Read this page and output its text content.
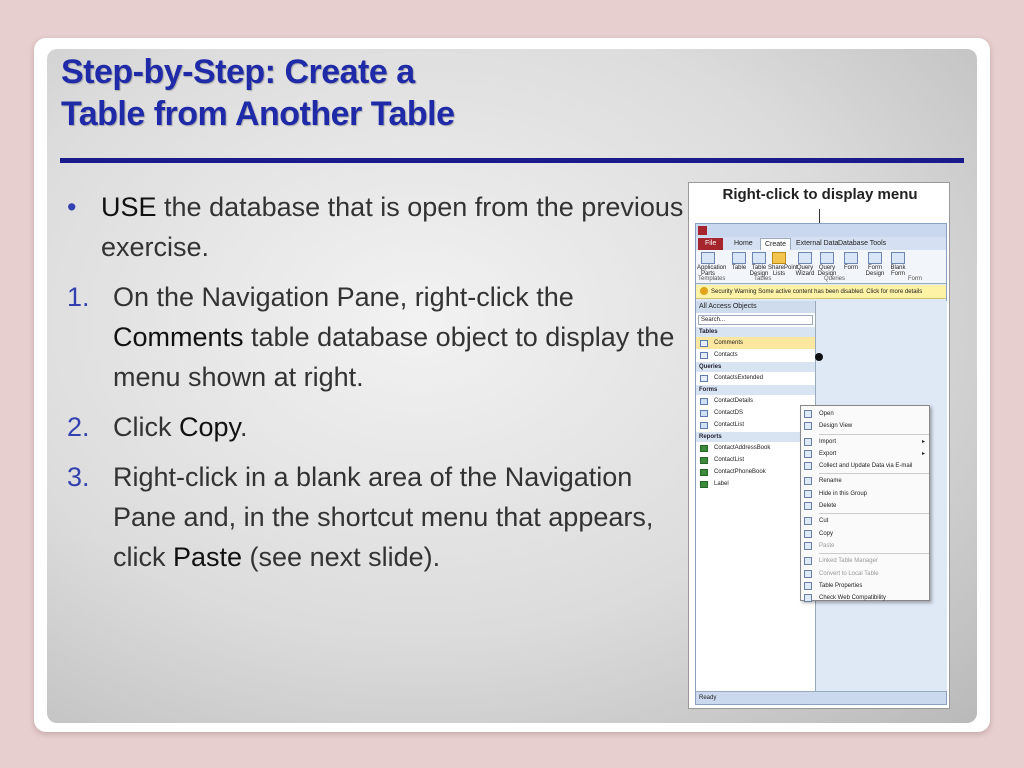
Step-by-Step: Create a
Table from Another Table
• USE the database that is open from the previous exercise.
1. On the Navigation Pane, right-click the Comments table database object to display the menu shown at right.
2. Click Copy.
3. Right-click in a blank area of the Navigation Pane and, in the shortcut menu that appears, click Paste (see next slide).
Right-click to display menu
File	Home	Create	External Data Database Tools
Application Parts
Table Table Design
SharePoint Lists
Query Wizard
Query Design
Form	Form Design
Blank Form
Templates	Tables	Queries	Form
Security Warning Some active content has been disabled. Click for more details
All Access Objects
Search...
Tables
Comments
Contacts
Queries
ContactsExtended
Forms
ContactDetails
ContactDS
ContactList
Reports
ContactAddressBook
ContactList
ContactPhoneBook
Label
Open
Design View
Import	▸
Export	▸
Collect and Update Data via E-mail
Rename
Hide in this Group
Delete
Cut
Copy
Paste
Linked Table Manager
Convert to Local Table
Table Properties
Check Web Compatibility
Ready
